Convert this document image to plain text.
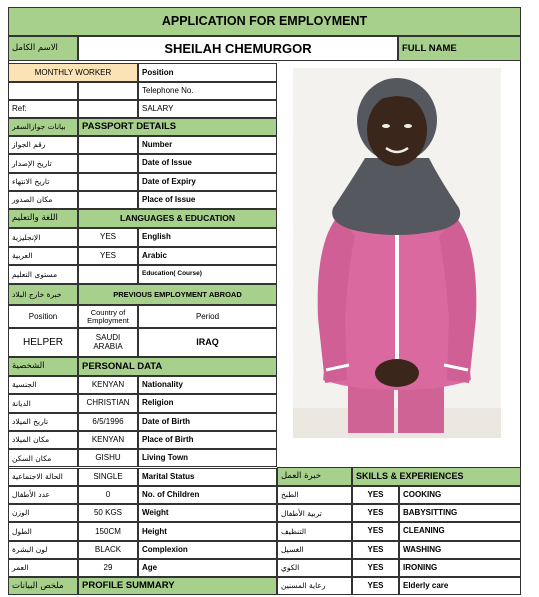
APPLICATION FOR EMPLOYMENT
الاسم الكامل	SHEILAH CHEMURGOR	FULL NAME
MONTHLY WORKER	Position
Telephone No.
Ref:	SALARY
بيانات جوازالسفر	PASSPORT DETAILS
رقم الجواز	Number
تاريخ الإصدار	Date of Issue
تاريخ الانتهاء	Date of Expiry
مكان الصدور	Place of Issue
اللغة والتعليم	LANGUAGES & EDUCATION
الإنجليزية	YES	English
العربية	YES	Arabic
مستوى التعليم	Education( Course)
خبرة خارج البلاد	PREVIOUS EMPLOYMENT ABROAD
Position	Country of Employment	Period
HELPER	SAUDI ARABIA	IRAQ
الشخصية	PERSONAL DATA
الجنسية	KENYAN	Nationality
الديانة	CHRISTIAN	Religion
تاريخ الميلاد	6/5/1996	Date of Birth
مكان الميلاد	KENYAN	Place of Birth
مكان السكن	GISHU	Living Town
الحالة الاجتماعية	SINGLE	Marital Status
عدد الأطفال	0	No. of Children
الوزن	50 KGS	Weight
الطول	150CM	Height
لون البشرة	BLACK	Complexion
العمر	29	Age
ملخص البيانات	PROFILE SUMMARY
خبرة العمل	SKILLS & EXPERIENCES
الطبخ	YES	COOKING
تربية الأطفال	YES	BABYSITTING
التنظيف	YES	CLEANING
الغسيل	YES	WASHING
الكوي	YES	IRONING
رعاية المسنين	YES	Elderly care
